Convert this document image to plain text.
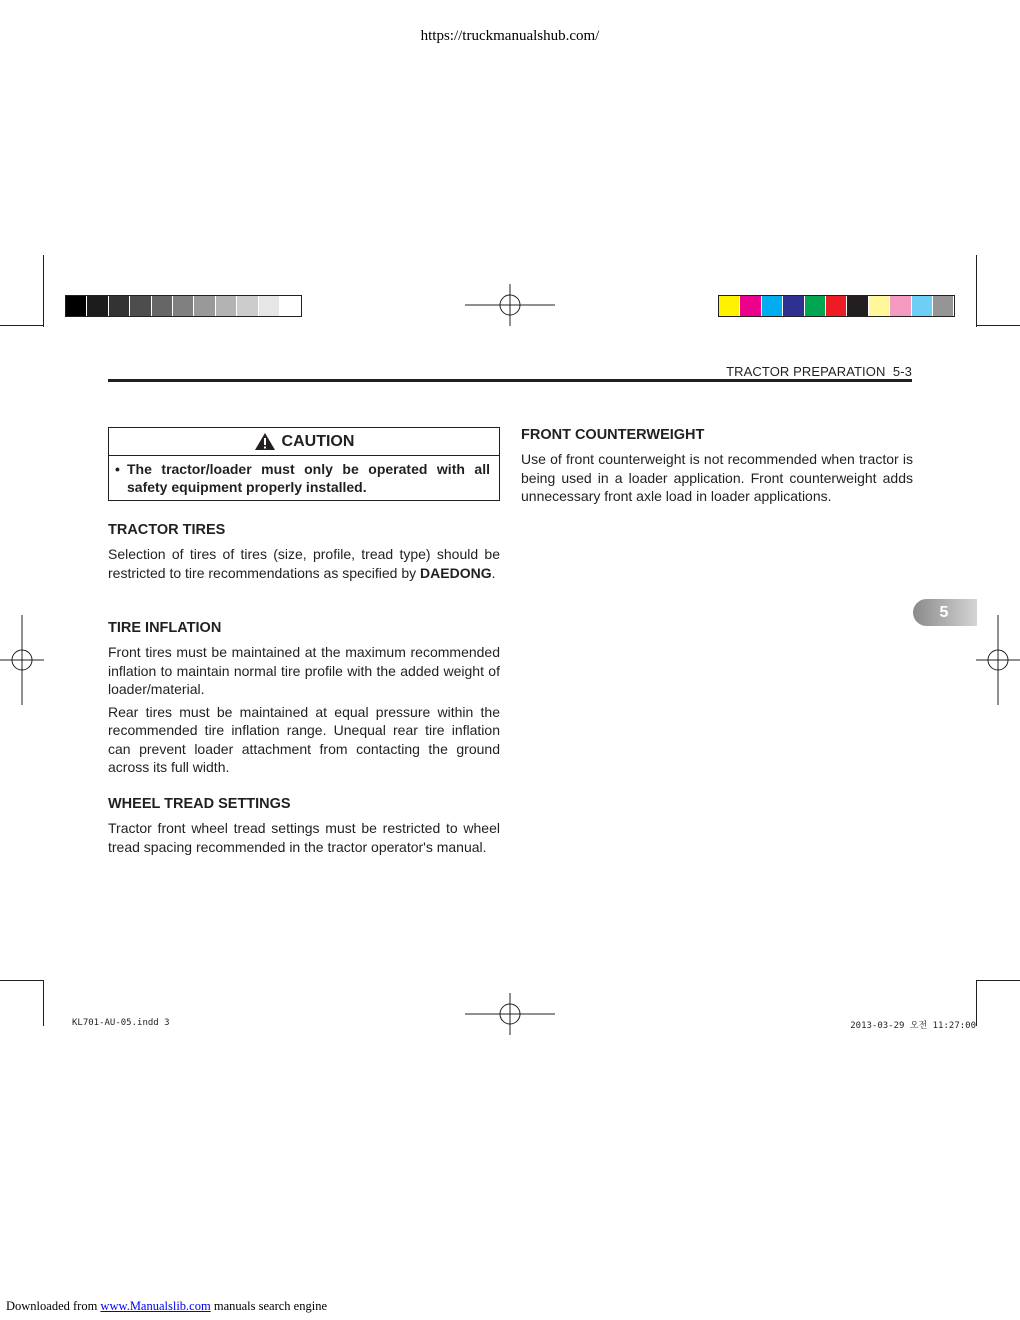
https://truckmanualshub.com/
TRACTOR PREPARATION 5-3
CAUTION
• The tractor/loader must only be operated with all safety equipment properly installed.

TRACTOR TIRES

Selection of tires of tires (size, profile, tread type) should be restricted to tire recommendations as specified by DAEDONG.

TIRE INFLATION

Front tires must be maintained at the maximum recommended inflation to maintain normal tire profile with the added weight of loader/material.

Rear tires must be maintained at equal pressure within the recommended tire inflation range. Unequal rear tire inflation can prevent loader attachment from contacting the ground across its full width.

WHEEL TREAD SETTINGS

Tractor front wheel tread settings must be restricted to wheel tread spacing recommended in the tractor operator's manual.

FRONT COUNTERWEIGHT

Use of front counterweight is not recommended when tractor is being used in a loader application. Front counterweight adds unnecessary front axle load in loader applications.

5
KL701-AU-05.indd 3	2013-03-29 오전 11:27:00
Downloaded from www.Manualslib.com manuals search engine
